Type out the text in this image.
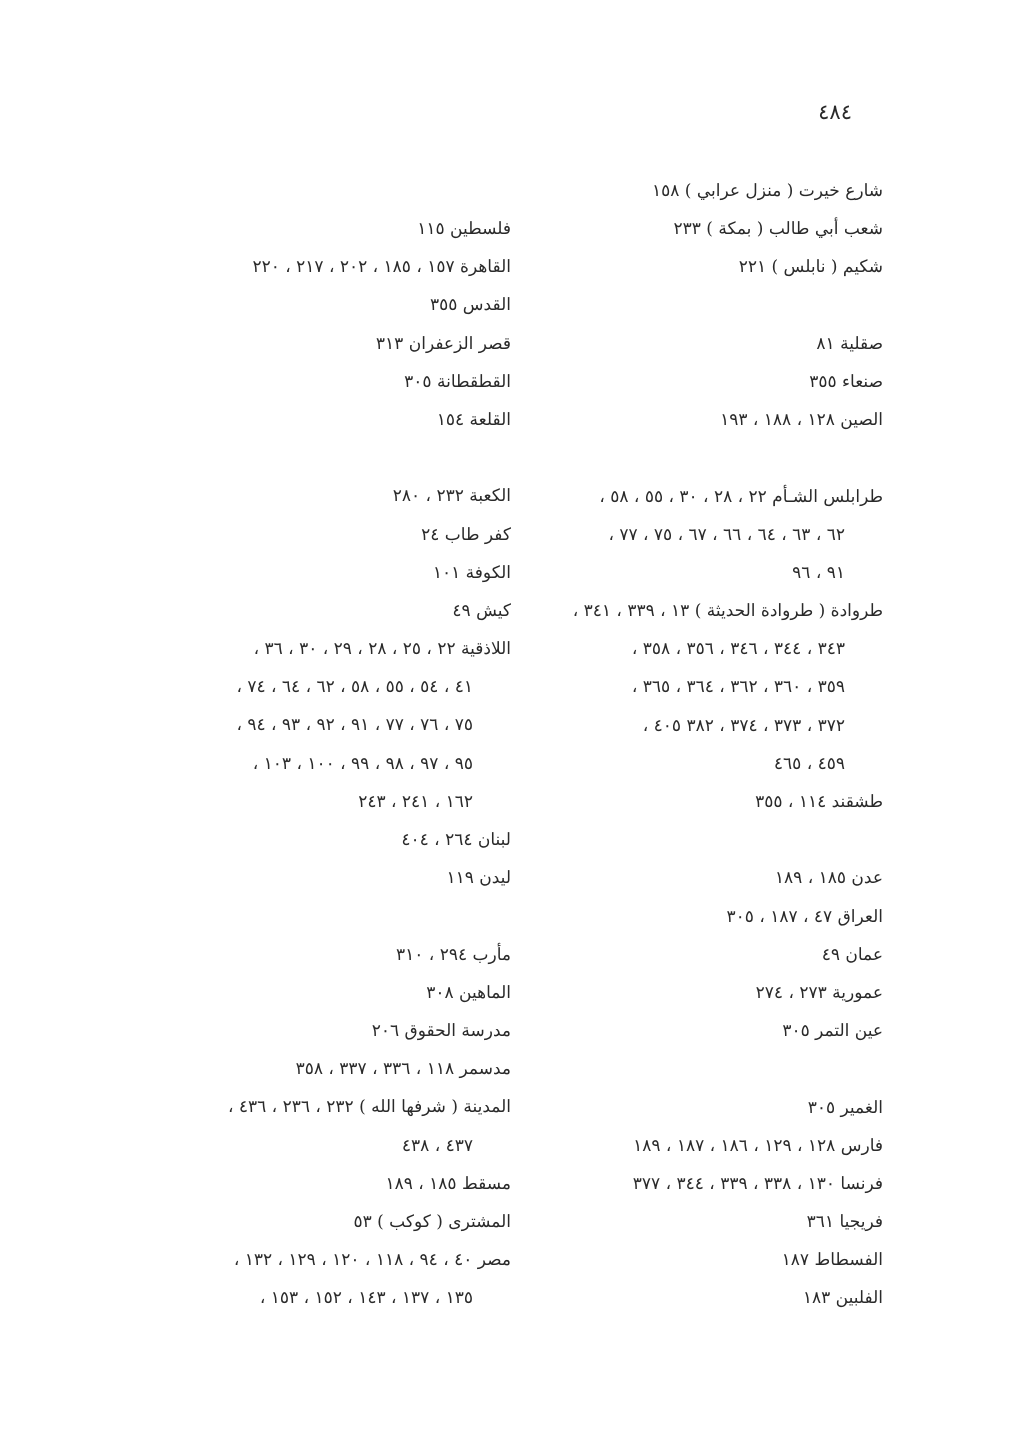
٤٨٤
شارع خيرت ( منزل عرابي ) ١٥٨
شعب أبي طالب ( بمكة ) ٢٣٣
شكيم ( نابلس ) ٢٢١
صقلية ٨١
صنعاء ٣٥٥
الصين ١٢٨ ، ١٨٨ ، ١٩٣
طرابلس الشـأم ٢٢ ، ٢٨ ، ٣٠ ، ٥٥ ، ٥٨ ،
٦٢ ، ٦٣ ، ٦٤ ، ٦٦ ، ٦٧ ، ٧٥ ، ٧٧ ،
٩١ ، ٩٦
طروادة ( طروادة الحديثة ) ١٣ ، ٣٣٩ ، ٣٤١ ،
٣٤٣ ، ٣٤٤ ، ٣٤٦ ، ٣٥٦ ، ٣٥٨ ،
٣٥٩ ، ٣٦٠ ، ٣٦٢ ، ٣٦٤ ، ٣٦٥ ،
٣٧٢ ، ٣٧٣ ، ٣٧٤ ، ٣٨٢ ٤٠٥ ،
٤٥٩ ، ٤٦٥
طشقند ١١٤ ، ٣٥٥
عدن ١٨٥ ، ١٨٩
العراق ٤٧ ، ١٨٧ ، ٣٠٥
عمان ٤٩
عمورية ٢٧٣ ، ٢٧٤
عين التمر ٣٠٥
الغمير ٣٠٥
فارس ١٢٨ ، ١٢٩ ، ١٨٦ ، ١٨٧ ، ١٨٩
فرنسا ١٣٠ ، ٣٣٨ ، ٣٣٩ ، ٣٤٤ ، ٣٧٧
فريجيا ٣٦١
الفسطاط ١٨٧
الفلبين ١٨٣
فلسطين ١١٥
القاهرة ١٥٧ ، ١٨٥ ، ٢٠٢ ، ٢١٧ ، ٢٢٠
القدس ٣٥٥
قصر الزعفران ٣١٣
القطقطانة ٣٠٥
القلعة ١٥٤
الكعبة ٢٣٢ ، ٢٨٠
كفر طاب ٢٤
الكوفة ١٠١
كيش ٤٩
اللاذقية ٢٢ ، ٢٥ ، ٢٨ ، ٢٩ ، ٣٠ ، ٣٦ ،
٤١ ، ٥٤ ، ٥٥ ، ٥٨ ، ٦٢ ، ٦٤ ، ٧٤ ،
٧٥ ، ٧٦ ، ٧٧ ، ٩١ ، ٩٢ ، ٩٣ ، ٩٤ ،
٩٥ ، ٩٧ ، ٩٨ ، ٩٩ ، ١٠٠ ، ١٠٣ ،
١٦٢ ، ٢٤١ ، ٢٤٣
لبنان ٢٦٤ ، ٤٠٤
ليدن ١١٩
مأرب ٢٩٤ ، ٣١٠
الماهين ٣٠٨
مدرسة الحقوق ٢٠٦
مدسمر ١١٨ ، ٣٣٦ ، ٣٣٧ ، ٣٥٨
المدينة ( شرفها الله ) ٢٣٢ ، ٢٣٦ ، ٤٣٦ ،
٤٣٧ ، ٤٣٨
مسقط ١٨٥ ، ١٨٩
المشترى ( كوكب ) ٥٣
مصر ٤٠ ، ٩٤ ، ١١٨ ، ١٢٠ ، ١٢٩ ، ١٣٢ ،
١٣٥ ، ١٣٧ ، ١٤٣ ، ١٥٢ ، ١٥٣ ،
